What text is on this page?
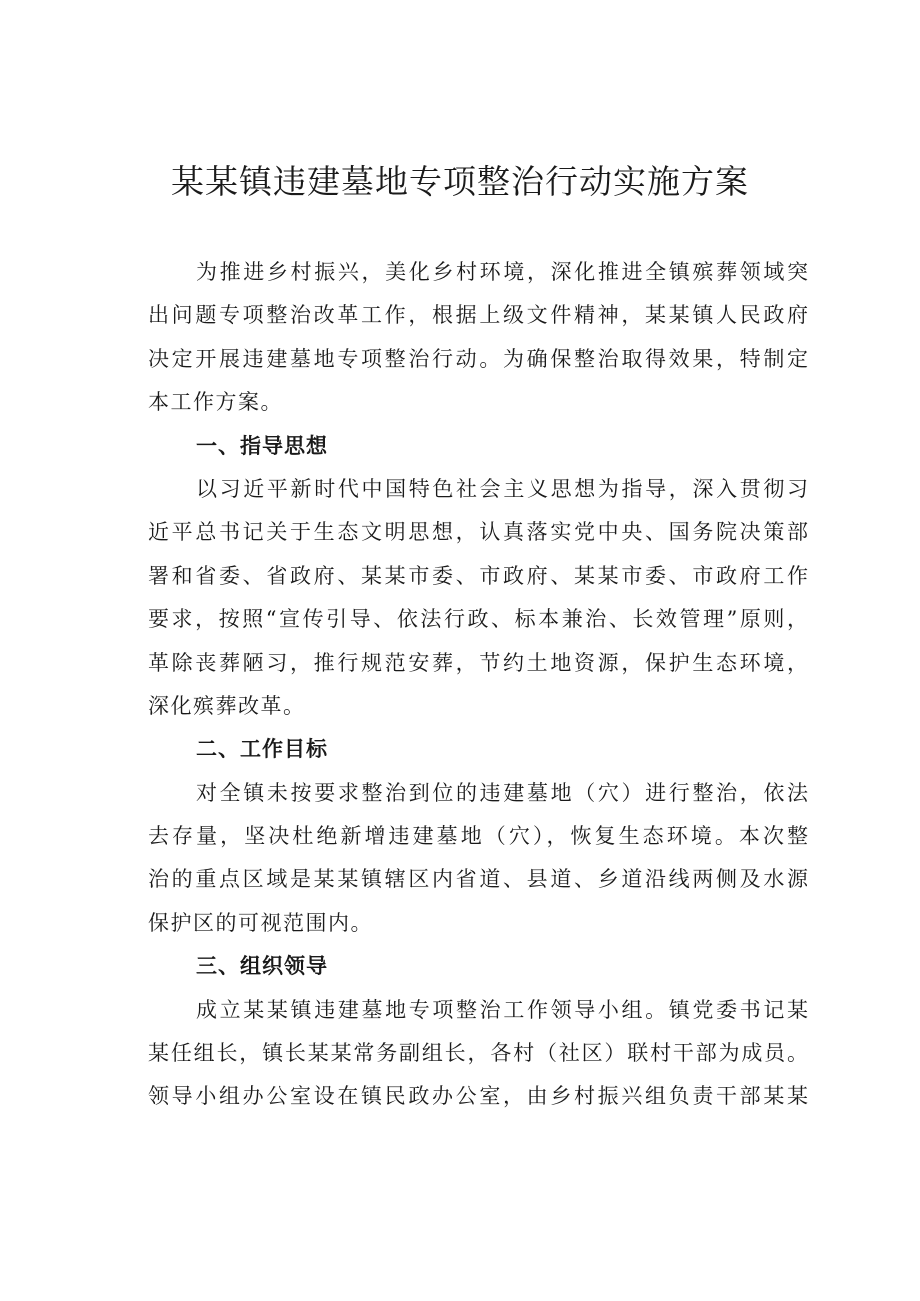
某某镇违建墓地专项整治行动实施方案
为推进乡村振兴，美化乡村环境，深化推进全镇殡葬领域突
出问题专项整治改革工作，根据上级文件精神，某某镇人民政府
决定开展违建墓地专项整治行动。为确保整治取得效果，特制定
本工作方案。
一、指导思想
以习近平新时代中国特色社会主义思想为指导，深入贯彻习
近平总书记关于生态文明思想，认真落实党中央、国务院决策部
署和省委、省政府、某某市委、市政府、某某市委、市政府工作
要求，按照“宣传引导、依法行政、标本兼治、长效管理”原则，
革除丧葬陋习，推行规范安葬，节约土地资源，保护生态环境，
深化殡葬改革。
二、工作目标
对全镇未按要求整治到位的违建墓地（穴）进行整治，依法
去存量，坚决杜绝新增违建墓地（穴），恢复生态环境。本次整
治的重点区域是某某镇辖区内省道、县道、乡道沿线两侧及水源
保护区的可视范围内。
三、组织领导
成立某某镇违建墓地专项整治工作领导小组。镇党委书记某
某任组长，镇长某某常务副组长，各村（社区）联村干部为成员。
领导小组办公室设在镇民政办公室，由乡村振兴组负责干部某某
